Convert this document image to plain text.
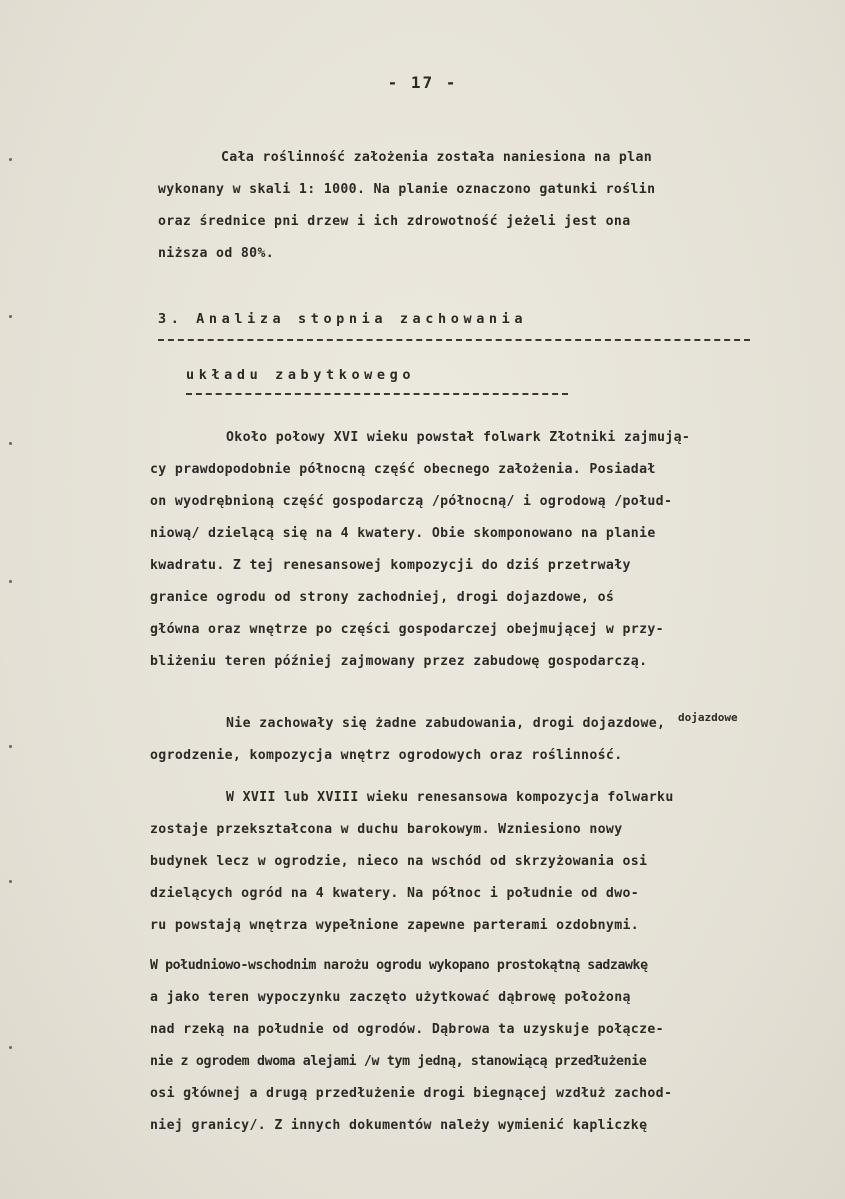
- 17 -
Cała roślinność założenia została naniesiona na plan
wykonany w skali 1: 1000. Na planie oznaczono gatunki roślin
oraz średnice pni drzew i ich zdrowotność jeżeli jest ona
niższa od 80%.
3. Analiza stopnia zachowania
układu zabytkowego
Około połowy XVI wieku powstał folwark Złotniki zajmują-
cy prawdopodobnie północną część obecnego założenia. Posiadał
on wyodrębnioną część gospodarczą /północną/ i ogrodową /połud-
niową/ dzielącą się na 4 kwatery. Obie skomponowano na planie
kwadratu. Z tej renesansowej kompozycji do dziś przetrwały
granice ogrodu od strony zachodniej, drogi dojazdowe, oś
główna oraz wnętrze po części gospodarczej obejmującej w przy-
bliżeniu teren później zajmowany przez zabudowę gospodarczą.
dojazdowe
Nie zachowały się żadne zabudowania, drogi dojazdowe,
ogrodzenie, kompozycja wnętrz ogrodowych oraz roślinność.
W XVII lub XVIII wieku renesansowa kompozycja folwarku
zostaje przekształcona w duchu barokowym. Wzniesiono nowy
budynek lecz w ogrodzie, nieco na wschód od skrzyżowania osi
dzielących ogród na 4 kwatery. Na północ i południe od dwo-
ru powstają wnętrza wypełnione zapewne parterami ozdobnymi.
W południowo-wschodnim narożu ogrodu wykopano prostokątną sadzawkę
a jako teren wypoczynku zaczęto użytkować dąbrowę położoną
nad rzeką na południe od ogrodów. Dąbrowa ta uzyskuje połącze-
nie z ogrodem dwoma alejami /w tym jedną, stanowiącą przedłużenie
osi głównej a drugą przedłużenie drogi biegnącej wzdłuż zachod-
niej granicy/. Z innych dokumentów należy wymienić kapliczkę
